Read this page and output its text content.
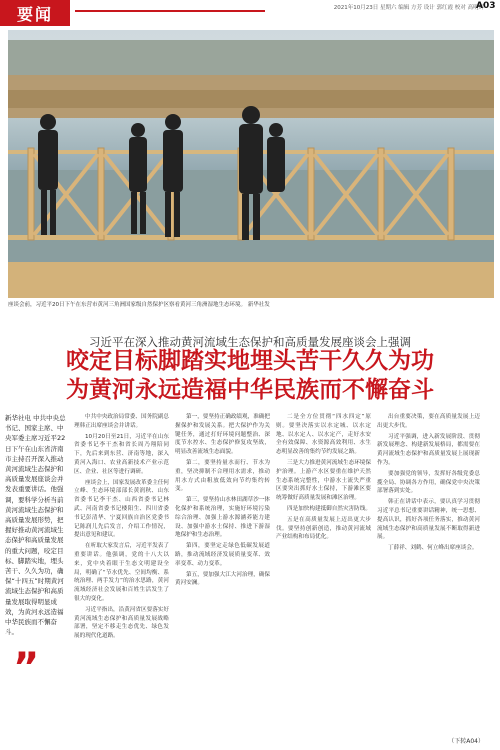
要闻	2021年10月23日 星期六 编辑 方芳 设计 郭红霞 校对 高明辉
A03
座谈会前，习近平20日下午在东营市黄河三角洲国家级自然保护区察看黄河三角洲湿地生态环境。 新华社发
习近平在深入推动黄河流域生态保护和高质量发展座谈会上强调
咬定目标脚踏实地埋头苦干久久为功
为黄河永远造福中华民族而不懈奋斗
新华社电 中共中央总书记、国家主席、中央军委主席习近平22日下午在山东省济南市主持召开深入推动黄河流域生态保护和高质量发展座谈会并发表重要讲话。他强调，要科学分析当前黄河流域生态保护和高质量发展形势，把握好推动黄河流域生态保护和高质量发展的重大问题，咬定目标、脚踏实地，埋头苦干、久久为功，确保“十四五”时期黄河流域生态保护和高质量发展取得明显成效，为黄河永远造福中华民族而不懈奋斗。
”

中共中央政治局常委、国务院副总理韩正出席座谈会并讲话。

10月20日至21日，习近平在山东省委书记李干杰和省长周乃翔陪同下，先后来到东营、济南等地，深入黄河入海口、农业高新技术产业示范区、企业、社区等进行调研。

座谈会上，国家发展改革委主任何立峰、生态环境部部长黄润秋、山东省委书记李干杰、山西省委书记林武、河南省委书记楼阳生、四川省委书记彭清华、宁夏回族自治区党委书记陈润儿先后发言，介绍工作情况，提出意见和建议。

在听取大家发言后，习近平发表了重要讲话。他强调，党的十八大以来，党中央着眼于生态文明建设全局，明确了“节水优先、空间均衡、系统治理、两手发力”的治水思路，黄河流域经济社会发展和百姓生活发生了很大的变化。

习近平指出，沿黄河省区要落实好黄河流域生态保护和高质量发展战略部署，坚定不移走生态优先、绿色发展的现代化道路。

第一，要坚持正确政绩观，准确把握保护和发展关系。把大保护作为关键任务，通过打好环境问题整治、深度节水控水、生态保护修复攻坚战，明显改善流域生态面貌。

第二，要坚持量水而行、节水为重，坚决抑制不合理用水需求，推动用水方式由粗放低效向节约集约转变。

第三，要坚持山水林田湖草沙一体化保护和系统治理，实施好环境污染综合治理、加强上游水源涵养能力建设、加强中游水土保持、推进下游湿地保护和生态治理。

第四，要坚定走绿色低碳发展道路，推动流域经济发展质量变革、效率变革、动力变革。

第五，要加强大江大河治理，确保黄河安澜。

二是全方位贯彻“四水四定”原则。要坚决落实以水定城、以水定地、以水定人、以水定产，走好水安全有效保障、水资源高效利用、水生态明显改善的集约节约发展之路。

三是大力推进黄河流域生态环境保护治理。上游产水区要重在维护天然生态系统完整性，中游水土流失严重区要突出抓好水土保持，下游滩区要统筹做好高质量发展和滩区治理。

四是加快构建抵御自然灾害防线。

五是在高质量发展上迈出更大步伐。要坚持创新创造，推动黄河流域产业结构和布局优化。

出台重要决策，要在高质量发展上迈出更大步伐。

习近平强调，进入新发展阶段、贯彻新发展理念、构建新发展格局，都需要在黄河流域生态保护和高质量发展上展现新作为。

要加强党的领导，发挥好各级党委总揽全局、协调各方作用，确保党中央决策部署落到实处。

韩正在讲话中表示，要认真学习贯彻习近平总书记重要讲话精神，统一思想、提高认识，抓好各项任务落实，推动黄河流域生态保护和高质量发展不断取得新进展。

丁薛祥、刘鹤、何立峰出席座谈会。

（下转A04）
